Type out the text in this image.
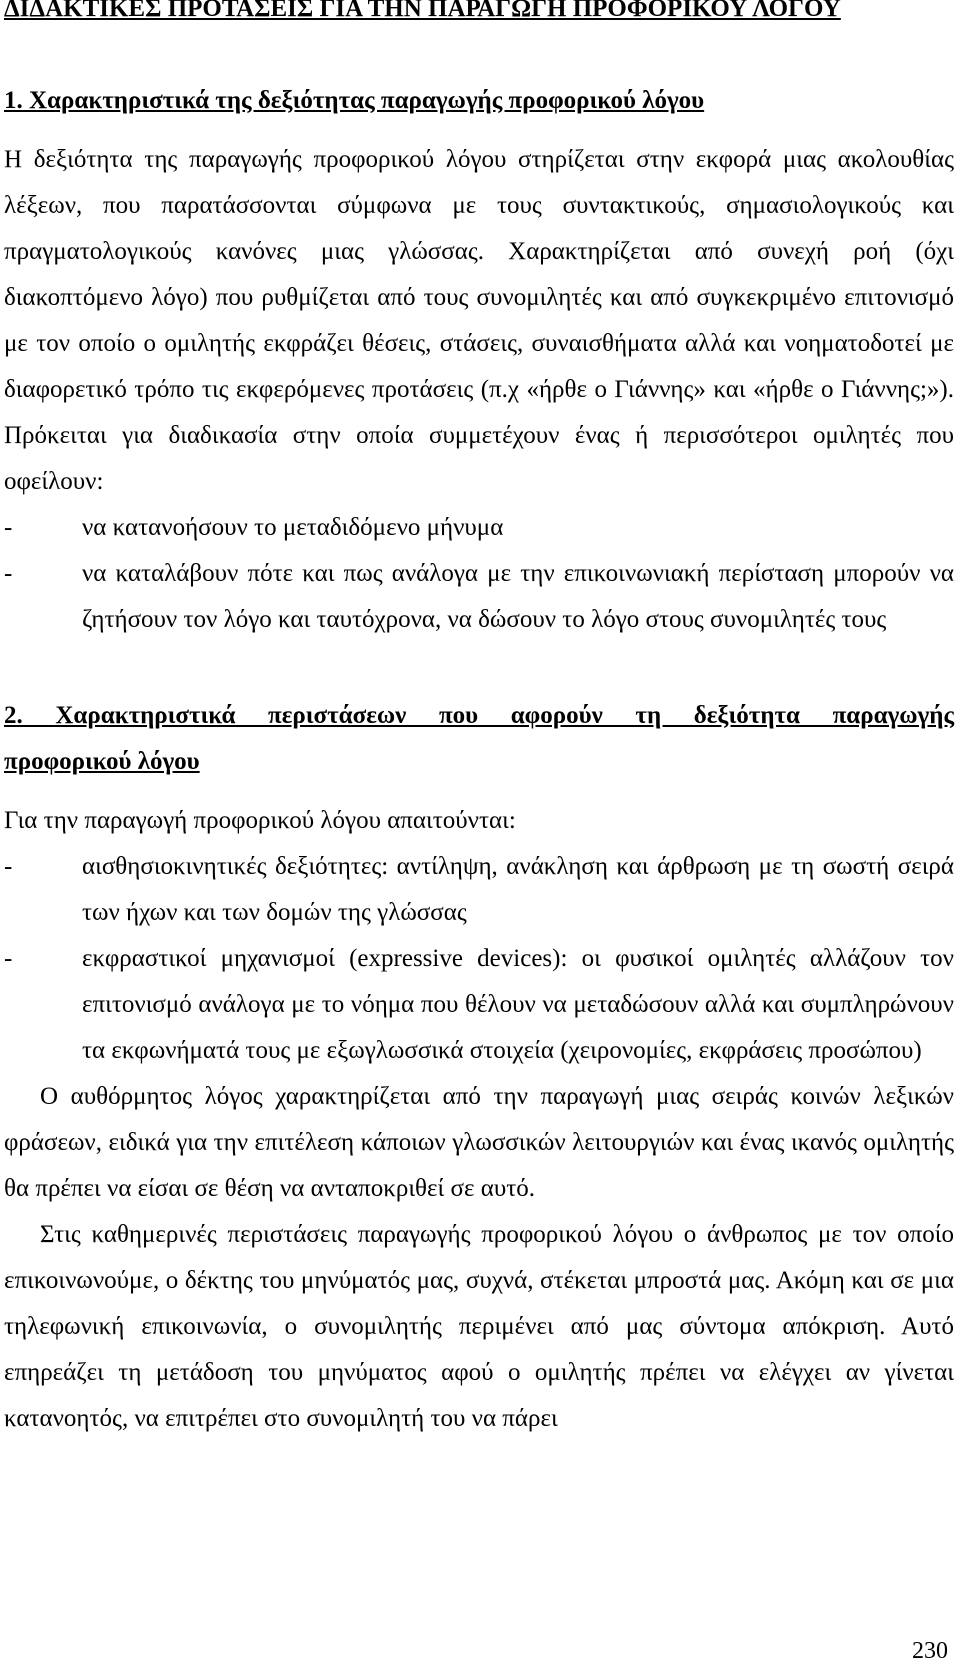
ΔΙΔΑΚΤΙΚΕΣ ΠΡΟΤΑΣΕΙΣ ΓΙΑ ΤΗΝ ΠΑΡΑΓΩΓΗ ΠΡΟΦΟΡΙΚΟΥ ΛΟΓΟΥ
1. Χαρακτηριστικά της δεξιότητας παραγωγής προφορικού λόγου

Η δεξιότητα της παραγωγής προφορικού λόγου στηρίζεται στην εκφορά μιας ακολουθίας λέξεων, που παρατάσσονται σύμφωνα με τους συντακτικούς, σημασιολογικούς και πραγματολογικούς κανόνες μιας γλώσσας. Χαρακτηρίζεται από συνεχή ροή (όχι διακοπτόμενο λόγο) που ρυθμίζεται από τους συνομιλητές και από συγκεκριμένο επιτονισμό με τον οποίο ο ομιλητής εκφράζει θέσεις, στάσεις, συναισθήματα αλλά και νοηματοδοτεί με διαφορετικό τρόπο τις εκφερόμενες προτάσεις (π.χ «ήρθε ο Γιάννης» και «ήρθε ο Γιάννης;»). Πρόκειται για διαδικασία στην οποία συμμετέχουν ένας ή περισσότεροι ομιλητές που οφείλουν:

-	να κατανοήσουν το μεταδιδόμενο μήνυμα
-	να καταλάβουν πότε και πως ανάλογα με την επικοινωνιακή περίσταση μπορούν να ζητήσουν τον λόγο και ταυτόχρονα, να δώσουν το λόγο στους συνομιλητές τους
2. Χαρακτηριστικά περιστάσεων που αφορούν τη δεξιότητα παραγωγής
προφορικού λόγου

Για την παραγωγή προφορικού λόγου απαιτούνται:

-	αισθησιοκινητικές δεξιότητες: αντίληψη, ανάκληση και άρθρωση με τη σωστή σειρά των ήχων και των δομών της γλώσσας
-	εκφραστικοί μηχανισμοί (expressive devices): οι φυσικοί ομιλητές αλλάζουν τον επιτονισμό ανάλογα με το νόημα που θέλουν να μεταδώσουν αλλά και συμπληρώνουν τα εκφωνήματά τους με εξωγλωσσικά στοιχεία (χειρονομίες, εκφράσεις προσώπου)

Ο αυθόρμητος λόγος χαρακτηρίζεται από την παραγωγή μιας σειράς κοινών λεξικών φράσεων, ειδικά για την επιτέλεση κάποιων γλωσσικών λειτουργιών και ένας ικανός ομιλητής θα πρέπει να είσαι σε θέση να ανταποκριθεί σε αυτό.

Στις καθημερινές περιστάσεις παραγωγής προφορικού λόγου ο άνθρωπος με τον οποίο επικοινωνούμε, ο δέκτης του μηνύματός μας, συχνά, στέκεται μπροστά μας. Ακόμη και σε μια τηλεφωνική επικοινωνία, ο συνομιλητής περιμένει από μας σύντομα απόκριση. Αυτό επηρεάζει τη μετάδοση του μηνύματος αφού ο ομιλητής πρέπει να ελέγχει αν γίνεται κατανοητός, να επιτρέπει στο συνομιλητή του να πάρει

230
